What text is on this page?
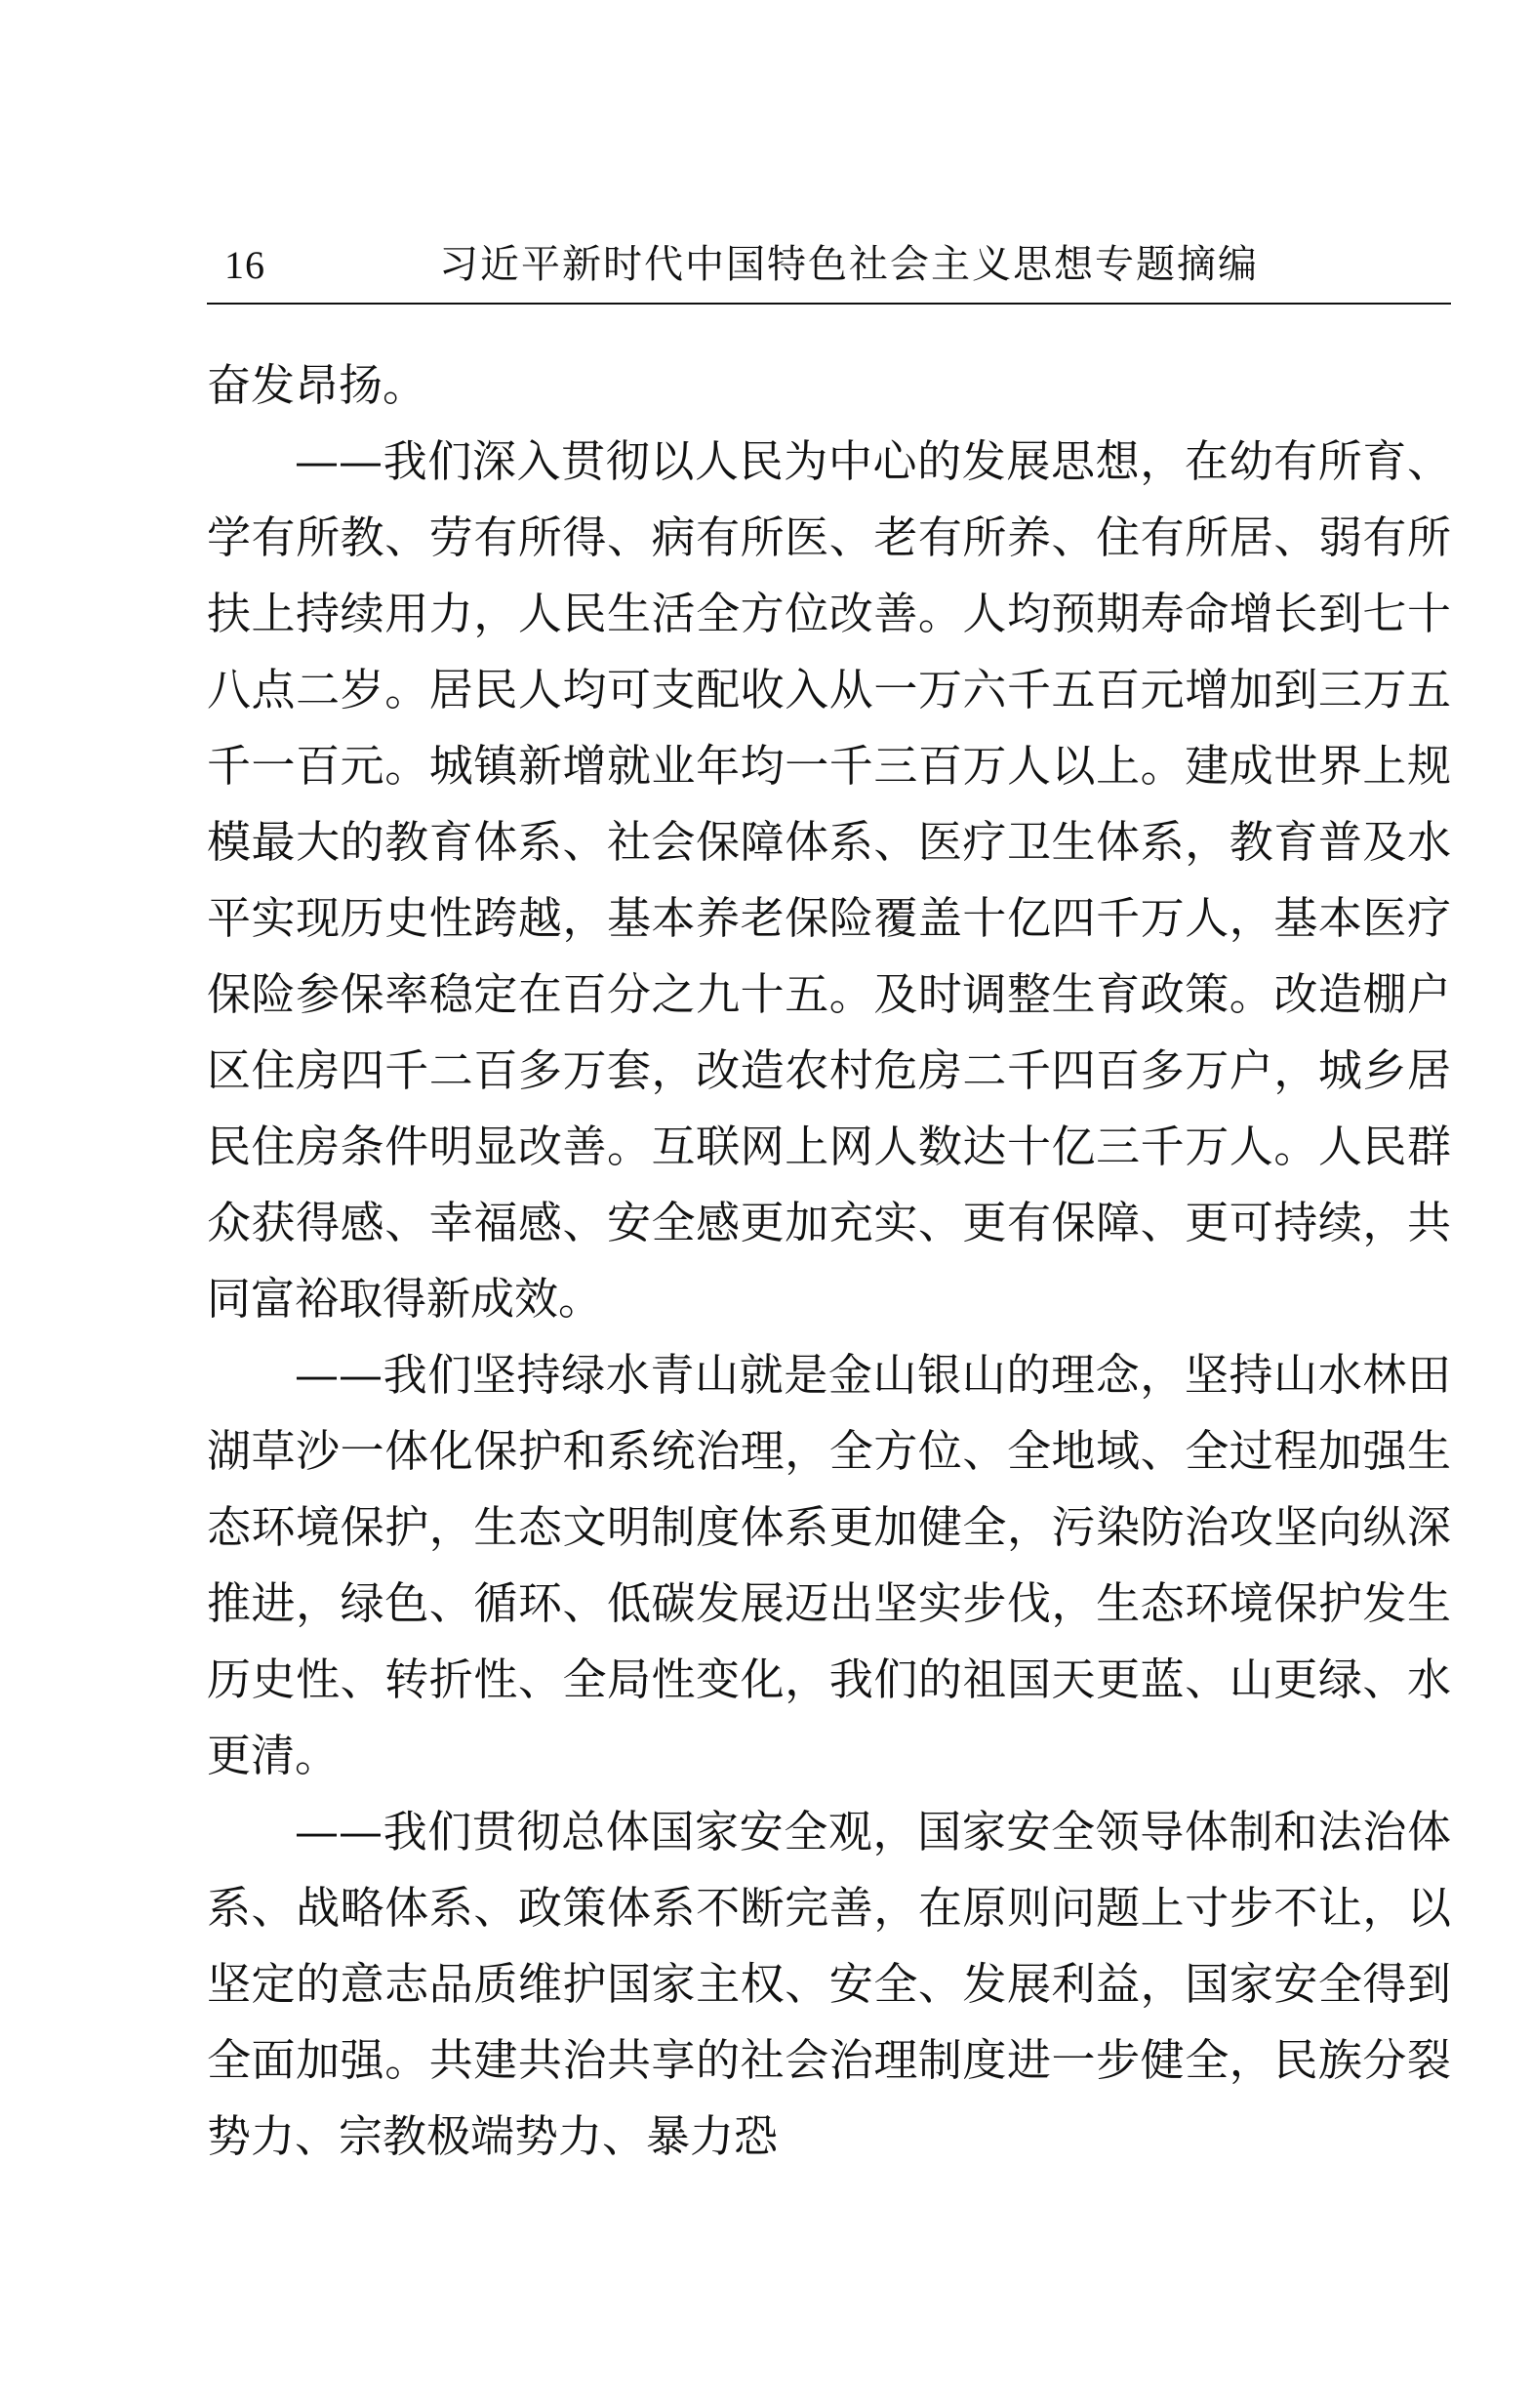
16	习近平新时代中国特色社会主义思想专题摘编

奋发昂扬。

——我们深入贯彻以人民为中心的发展思想，在幼有所育、学有所教、劳有所得、病有所医、老有所养、住有所居、弱有所扶上持续用力，人民生活全方位改善。人均预期寿命增长到七十八点二岁。居民人均可支配收入从一万六千五百元增加到三万五千一百元。城镇新增就业年均一千三百万人以上。建成世界上规模最大的教育体系、社会保障体系、医疗卫生体系，教育普及水平实现历史性跨越，基本养老保险覆盖十亿四千万人，基本医疗保险参保率稳定在百分之九十五。及时调整生育政策。改造棚户区住房四千二百多万套，改造农村危房二千四百多万户，城乡居民住房条件明显改善。互联网上网人数达十亿三千万人。人民群众获得感、幸福感、安全感更加充实、更有保障、更可持续，共同富裕取得新成效。

——我们坚持绿水青山就是金山银山的理念，坚持山水林田湖草沙一体化保护和系统治理，全方位、全地域、全过程加强生态环境保护，生态文明制度体系更加健全，污染防治攻坚向纵深推进，绿色、循环、低碳发展迈出坚实步伐，生态环境保护发生历史性、转折性、全局性变化，我们的祖国天更蓝、山更绿、水更清。

——我们贯彻总体国家安全观，国家安全领导体制和法治体系、战略体系、政策体系不断完善，在原则问题上寸步不让，以坚定的意志品质维护国家主权、安全、发展利益，国家安全得到全面加强。共建共治共享的社会治理制度进一步健全，民族分裂势力、宗教极端势力、暴力恐
